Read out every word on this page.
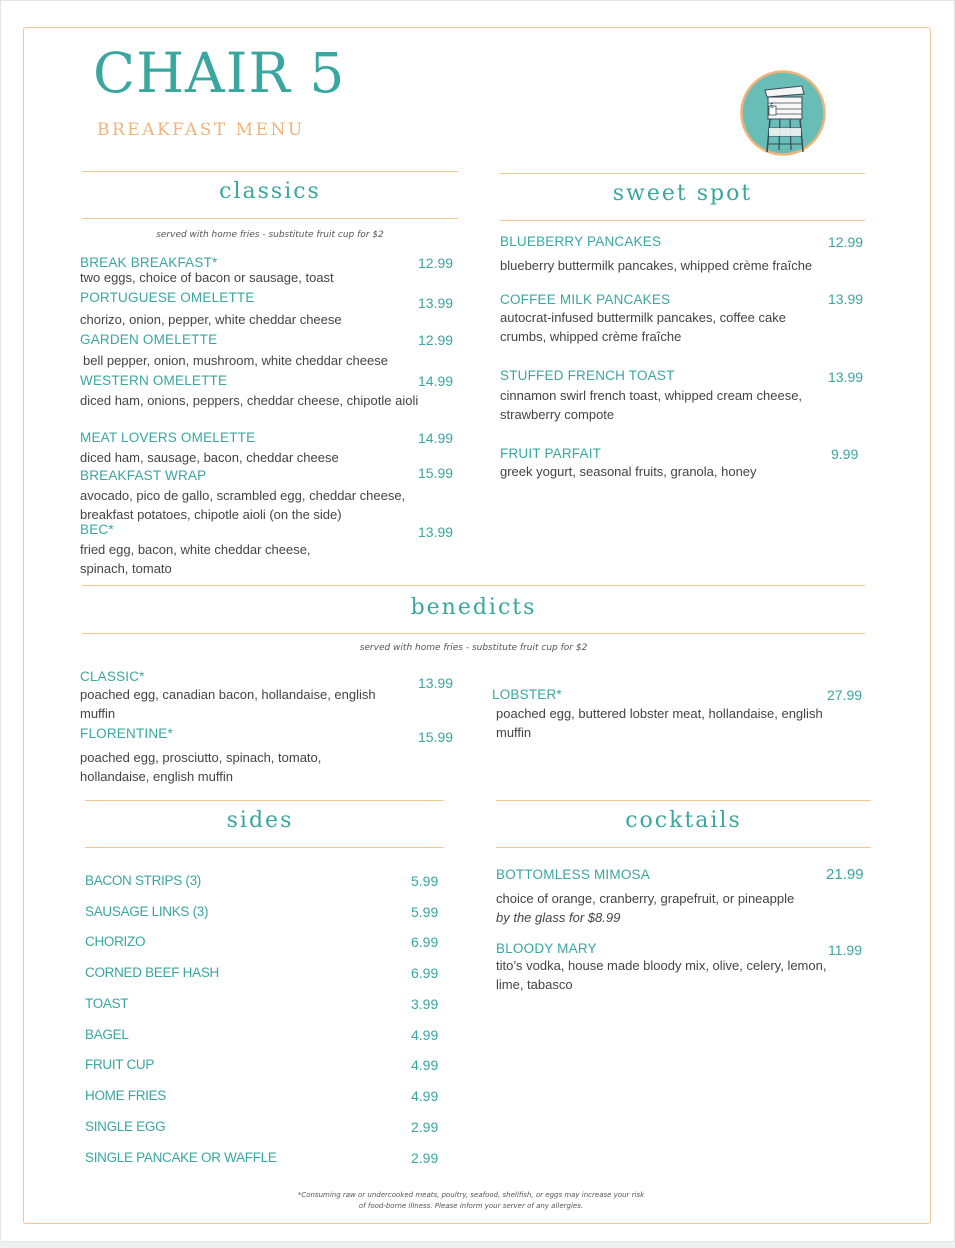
CHAIR 5
BREAKFAST MENU
5
classics
served with home fries - substitute fruit cup for $2
BREAK BREAKFAST*	12.99
two eggs, choice of bacon or sausage, toast
PORTUGUESE OMELETTE	13.99
chorizo, onion, pepper, white cheddar cheese
GARDEN OMELETTE	12.99
bell pepper, onion, mushroom, white cheddar cheese
WESTERN OMELETTE	14.99
diced ham, onions, peppers, cheddar cheese, chipotle aioli
MEAT LOVERS OMELETTE	14.99
diced ham, sausage, bacon, cheddar cheese
BREAKFAST WRAP	15.99
avocado, pico de gallo, scrambled egg, cheddar cheese, breakfast potatoes, chipotle aioli (on the side)
BEC*	13.99
fried egg, bacon, white cheddar cheese, spinach, tomato
sweet spot
BLUEBERRY PANCAKES	12.99
blueberry buttermilk pancakes, whipped crème fraîche
COFFEE MILK PANCAKES	13.99
autocrat-infused buttermilk pancakes, coffee cake crumbs, whipped crème fraîche
STUFFED FRENCH TOAST	13.99
cinnamon swirl french toast, whipped cream cheese, strawberry compote
FRUIT PARFAIT	9.99
greek yogurt, seasonal fruits, granola, honey
benedicts
served with home fries - substitute fruit cup for $2
CLASSIC*	13.99
poached egg, canadian bacon, hollandaise, english muffin
FLORENTINE*	15.99
poached egg, prosciutto, spinach, tomato, hollandaise, english muffin
LOBSTER*	27.99
poached egg, buttered lobster meat, hollandaise, english muffin
sides
BACON STRIPS (3)	5.99
SAUSAGE LINKS (3)	5.99
CHORIZO	6.99
CORNED BEEF HASH	6.99
TOAST	3.99
BAGEL	4.99
FRUIT CUP	4.99
HOME FRIES	4.99
SINGLE EGG	2.99
SINGLE PANCAKE OR WAFFLE	2.99
cocktails
BOTTOMLESS MIMOSA	21.99
choice of orange, cranberry, grapefruit, or pineapple
by the glass for $8.99
BLOODY MARY	11.99
tito’s vodka, house made bloody mix, olive, celery, lemon, lime, tabasco
*Consuming raw or undercooked meats, poultry, seafood, shellfish, or eggs may increase your risk
of food-borne illness. Please inform your server of any allergies.
